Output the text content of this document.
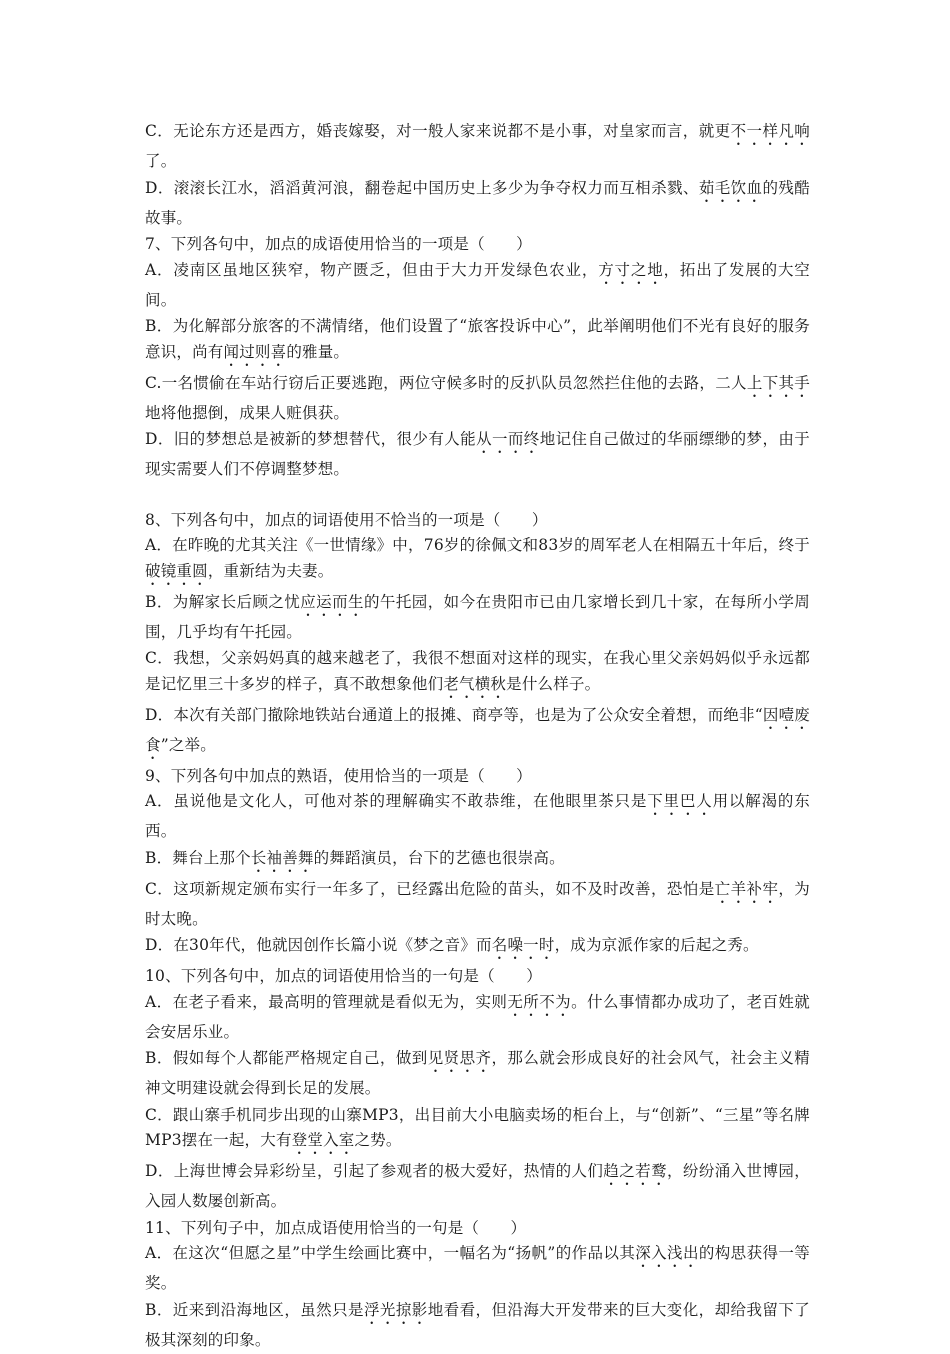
C．无论东方还是西方，婚丧嫁娶，对一般人家来说都不是小事，对皇家而言，就更不一样凡响了。

D．滚滚长江水，滔滔黄河浪，翻卷起中国历史上多少为争夺权力而互相杀戮、茹毛饮血的残酷故事。

7、下列各句中，加点的成语使用恰当的一项是（　　）

A．凌南区虽地区狭窄，物产匮乏，但由于大力开发绿色农业，方寸之地，拓出了发展的大空间。

B．为化解部分旅客的不满情绪，他们设置了“旅客投诉中心”，此举阐明他们不光有良好的服务意识，尚有闻过则喜的雅量。

C.一名惯偷在车站行窃后正要逃跑，两位守候多时的反扒队员忽然拦住他的去路，二人上下其手地将他摁倒，成果人赃俱获。

D．旧的梦想总是被新的梦想替代，很少有人能从一而终地记住自己做过的华丽缥缈的梦，由于现实需要人们不停调整梦想。

8、下列各句中，加点的词语使用不恰当的一项是（　　）

A．在昨晚的尤其关注《一世情缘》中，76岁的徐佩文和83岁的周军老人在相隔五十年后，终于破镜重圆，重新结为夫妻。

B．为解家长后顾之忧应运而生的午托园，如今在贵阳市已由几家增长到几十家，在每所小学周围，几乎均有午托园。

C．我想，父亲妈妈真的越来越老了，我很不想面对这样的现实，在我心里父亲妈妈似乎永远都是记忆里三十多岁的样子，真不敢想象他们老气横秋是什么样子。

D．本次有关部门撤除地铁站台通道上的报摊、商亭等，也是为了公众安全着想，而绝非“因噎废食”之举。

9、下列各句中加点的熟语，使用恰当的一项是（　　）

A．虽说他是文化人，可他对茶的理解确实不敢恭维，在他眼里茶只是下里巴人用以解渴的东西。

B．舞台上那个长袖善舞的舞蹈演员，台下的艺德也很崇高。

C．这项新规定颁布实行一年多了，已经露出危险的苗头，如不及时改善，恐怕是亡羊补牢，为时太晚。

D．在30年代，他就因创作长篇小说《梦之音》而名噪一时，成为京派作家的后起之秀。

10、下列各句中，加点的词语使用恰当的一句是（　　）

A．在老子看来，最高明的管理就是看似无为，实则无所不为。什么事情都办成功了，老百姓就会安居乐业。

B．假如每个人都能严格规定自己，做到见贤思齐，那么就会形成良好的社会风气，社会主义精神文明建设就会得到长足的发展。

C．跟山寨手机同步出现的山寨MP3，出目前大小电脑卖场的柜台上，与“创新”、“三星”等名牌MP3摆在一起，大有登堂入室之势。

D．上海世博会异彩纷呈，引起了参观者的极大爱好，热情的人们趋之若鹜，纷纷涌入世博园，入园人数屡创新高。

11、下列句子中，加点成语使用恰当的一句是（　　）

A．在这次“但愿之星”中学生绘画比赛中，一幅名为“扬帆”的作品以其深入浅出的构思获得一等奖。

B．近来到沿海地区，虽然只是浮光掠影地看看，但沿海大开发带来的巨大变化，却给我留下了极其深刻的印象。
